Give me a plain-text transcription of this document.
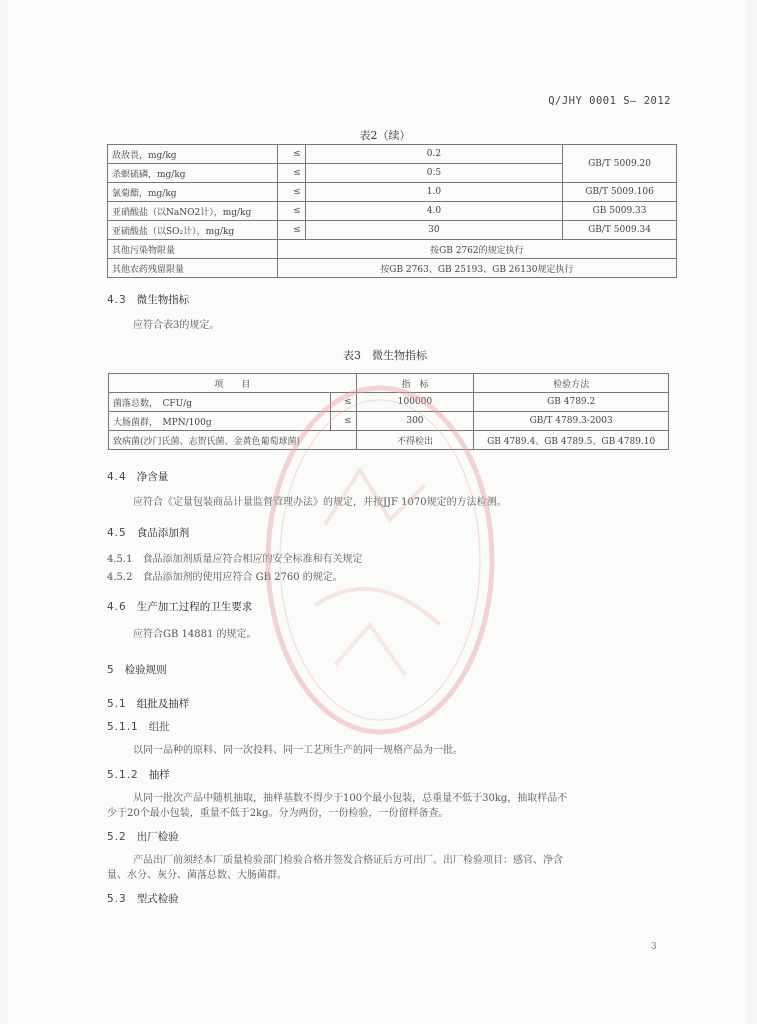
Q/JHY 0001 S— 2012
表2（续）
敌敌畏，mg/kg	≤	0.2	GB/T 5009.20
杀螟硫磷，mg/kg	≤	0.5	
氯菊酯，mg/kg	≤	1.0	GB/T 5009.106
亚硝酸盐（以NaNO2计），mg/kg	≤	4.0	GB 5009.33
亚硫酸盐（以SO₂计），mg/kg	≤	30	GB/T 5009.34
其他污染物限量	按GB 2762的规定执行		
其他农药残留限量	按GB 2763、GB 25193、GB 26130规定执行		
4.3 微生物指标
应符合表3的规定。
表3　微生物指标
项　　目		指　标	检验方法
菌落总数，　CFU/g	≤	100000	GB 4789.2
大肠菌群，　MPN/100g	≤	300	GB/T 4789.3-2003
致病菌(沙门氏菌、志贺氏菌、金黄色葡萄球菌)		不得检出	GB 4789.4、GB 4789.5、GB 4789.10
4.4 净含量
应符合《定量包装商品计量监督管理办法》的规定，并按JJF 1070规定的方法检测。
4.5 食品添加剂
4.5.1 食品添加剂质量应符合相应的安全标准和有关规定
4.5.2 食品添加剂的使用应符合 GB 2760 的规定。
4.6 生产加工过程的卫生要求
应符合GB 14881 的规定。
5 检验规则
5.1 组批及抽样
5.1.1 组批
以同一品种的原料、同一次投料、同一工艺所生产的同一规格产品为一批。
5.1.2 抽样
从同一批次产品中随机抽取，抽样基数不得少于100个最小包装，总重量不低于30kg，抽取样品不
少于20个最小包装，重量不低于2kg。分为两份，一份检验，一份留样备查。
5.2 出厂检验
产品出厂前须经本厂质量检验部门检验合格并签发合格证后方可出厂。出厂检验项目：感官、净含
量、水分、灰分、菌落总数、大肠菌群。
5.3 型式检验
3
